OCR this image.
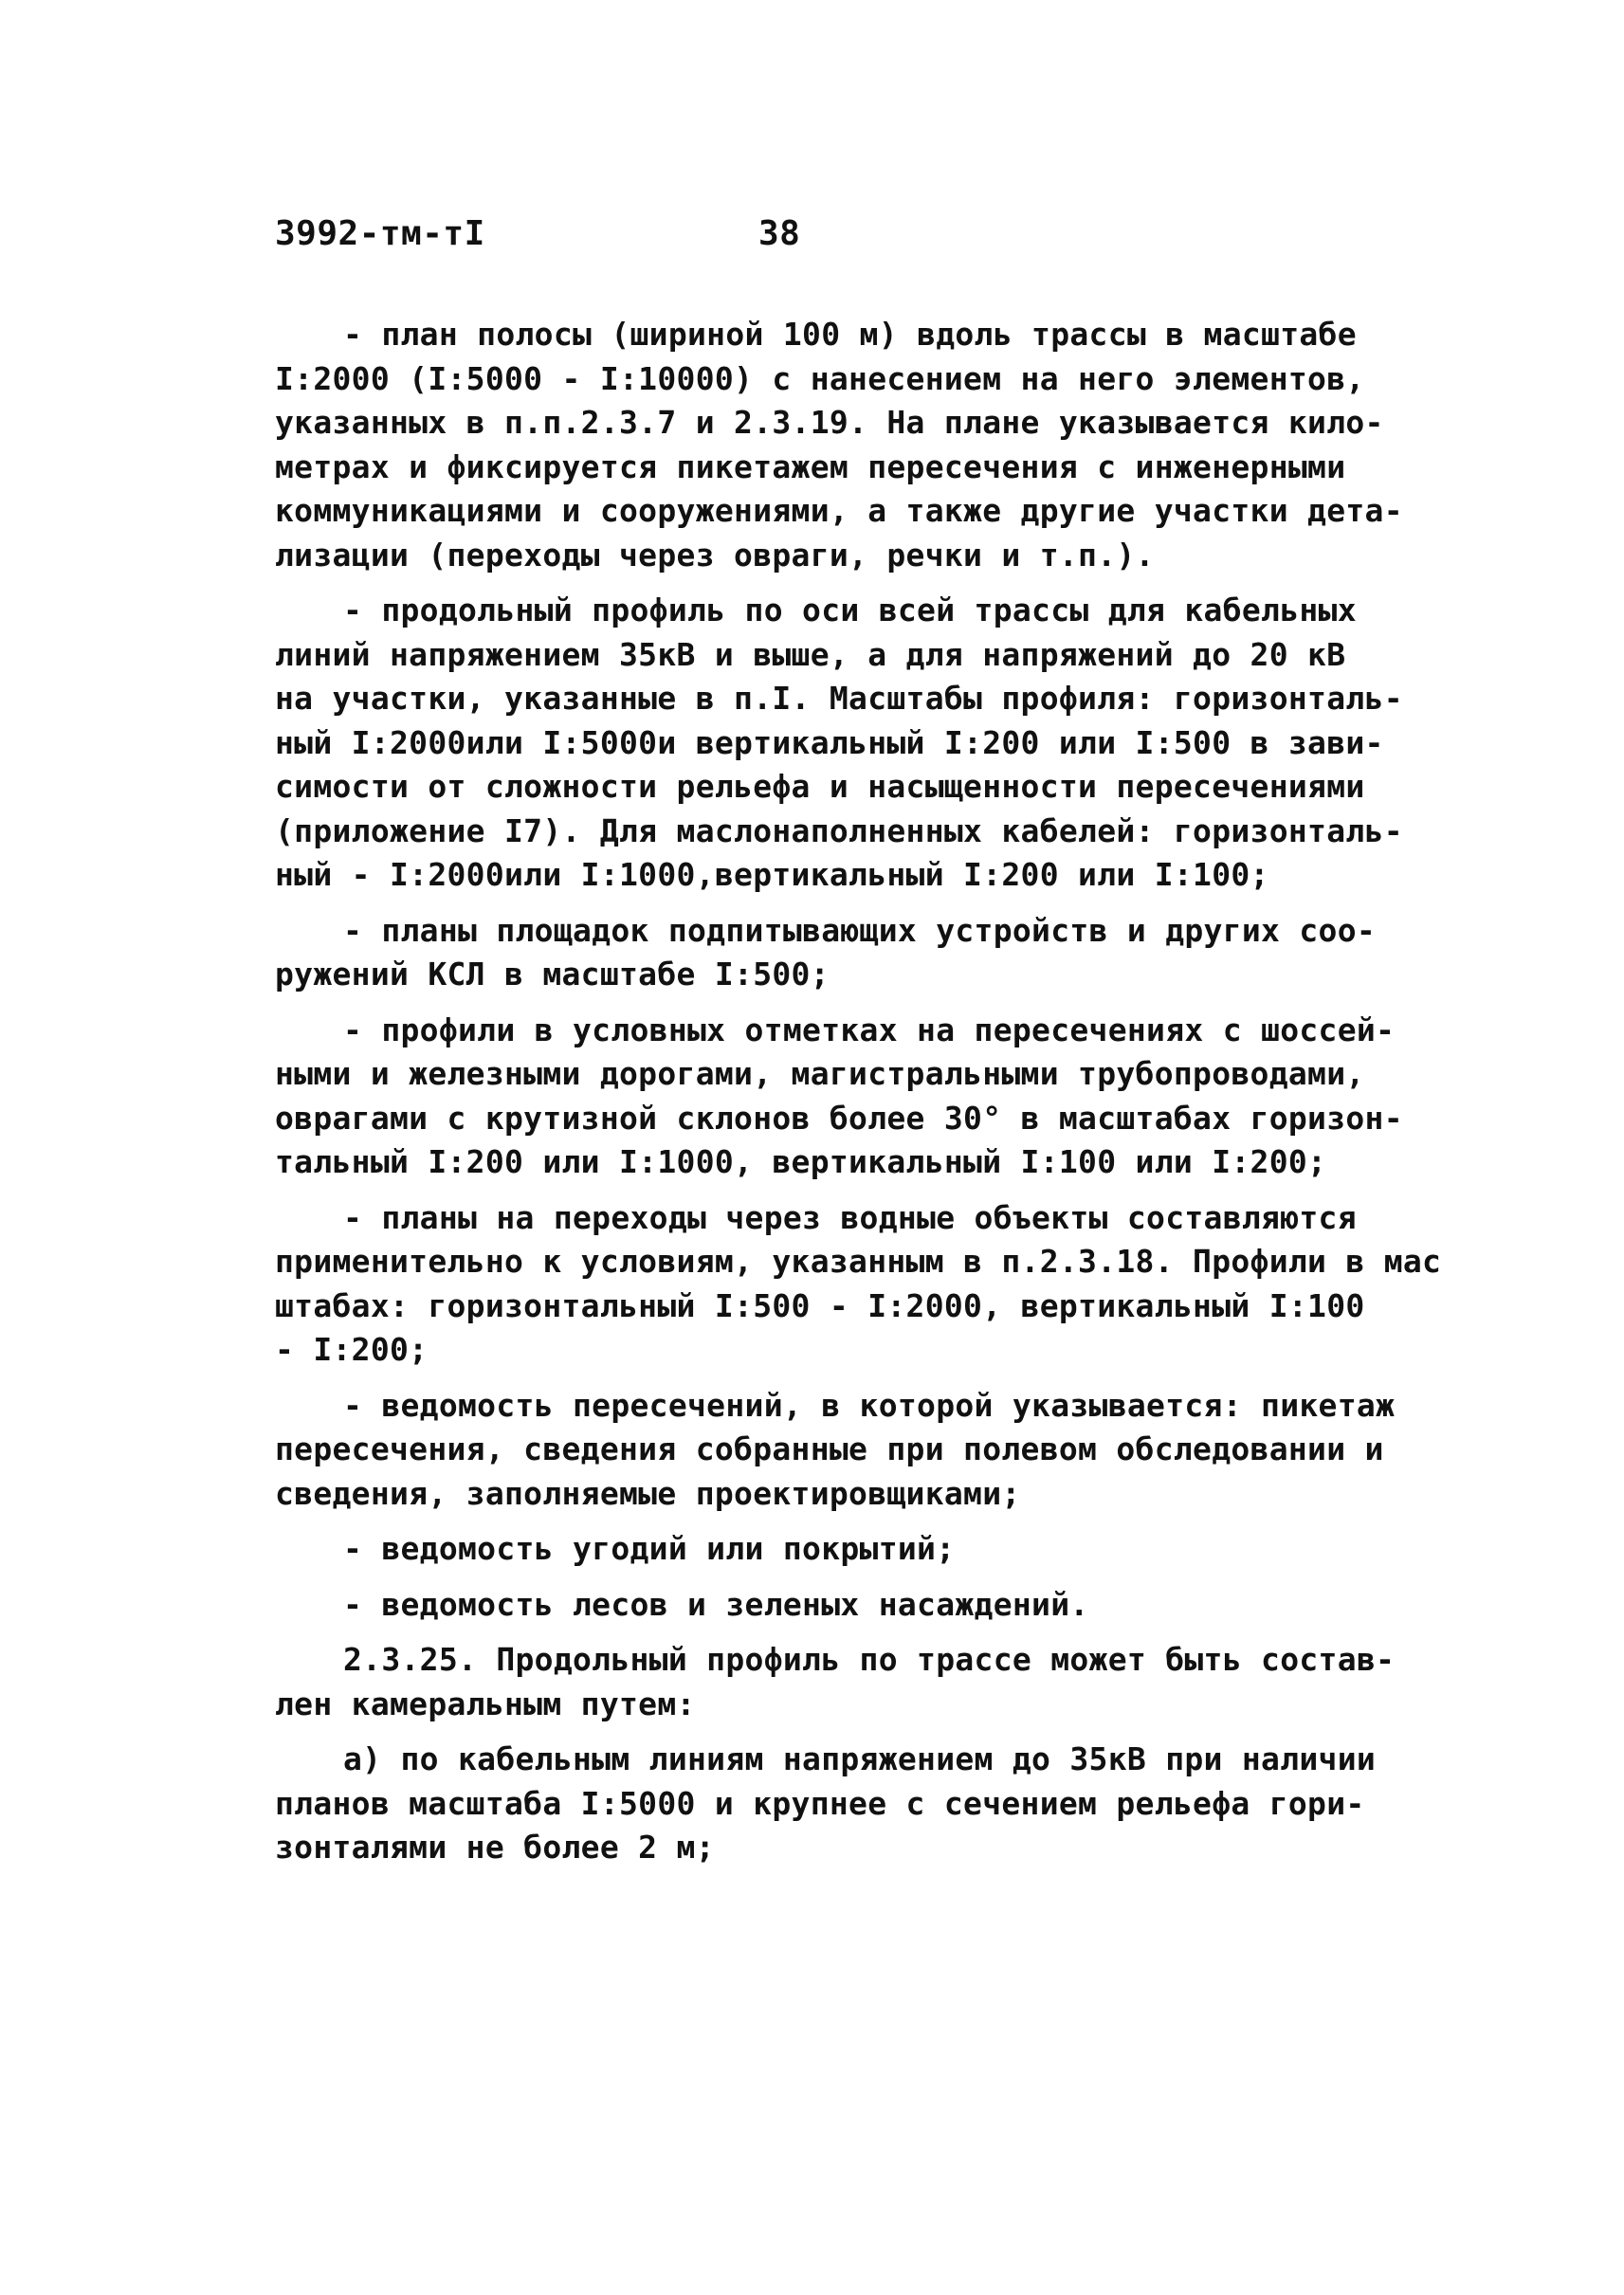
3992-тм-тI	38
- план полосы (шириной 100 м) вдоль трассы в масштабе
I:2000 (I:5000 - I:10000) с нанесением на него элементов,
указанных в п.п.2.3.7 и 2.3.19. На плане указывается кило-
метрах и фиксируется пикетажем пересечения с инженерными
коммуникациями и сооружениями, а также другие участки дета-
лизации (переходы через овраги, речки и т.п.).
- продольный профиль по оси всей трассы для кабельных
линий напряжением 35кВ и выше, а для напряжений до 20 кВ
на участки, указанные в п.I. Масштабы профиля: горизонталь-
ный I:2000или I:5000и вертикальный I:200 или I:500 в зави-
симости от сложности рельефа и насыщенности пересечениями
(приложение I7). Для маслонаполненных кабелей: горизонталь-
ный - I:2000или I:1000,вертикальный I:200 или I:100;
- планы площадок подпитывающих устройств и других соо-
ружений КСЛ в масштабе I:500;
- профили в условных отметках на пересечениях с шоссей-
ными и железными дорогами, магистральными трубопроводами,
оврагами с крутизной склонов более 30° в масштабах горизон-
тальный I:200 или I:1000, вертикальный I:100 или I:200;
- планы на переходы через водные объекты составляются
применительно к условиям, указанным в п.2.3.18. Профили в мас
штабах: горизонтальный I:500 - I:2000, вертикальный I:100
- I:200;
- ведомость пересечений, в которой указывается: пикетаж
пересечения, сведения собранные при полевом обследовании и
сведения, заполняемые проектировщиками;
- ведомость угодий или покрытий;
- ведомость лесов и зеленых насаждений.
2.3.25. Продольный профиль по трассе может быть состав-
лен камеральным путем:
а) по кабельным линиям напряжением до 35кВ при наличии
планов масштаба I:5000 и крупнее с сечением рельефа гори-
зонталями не более 2 м;
